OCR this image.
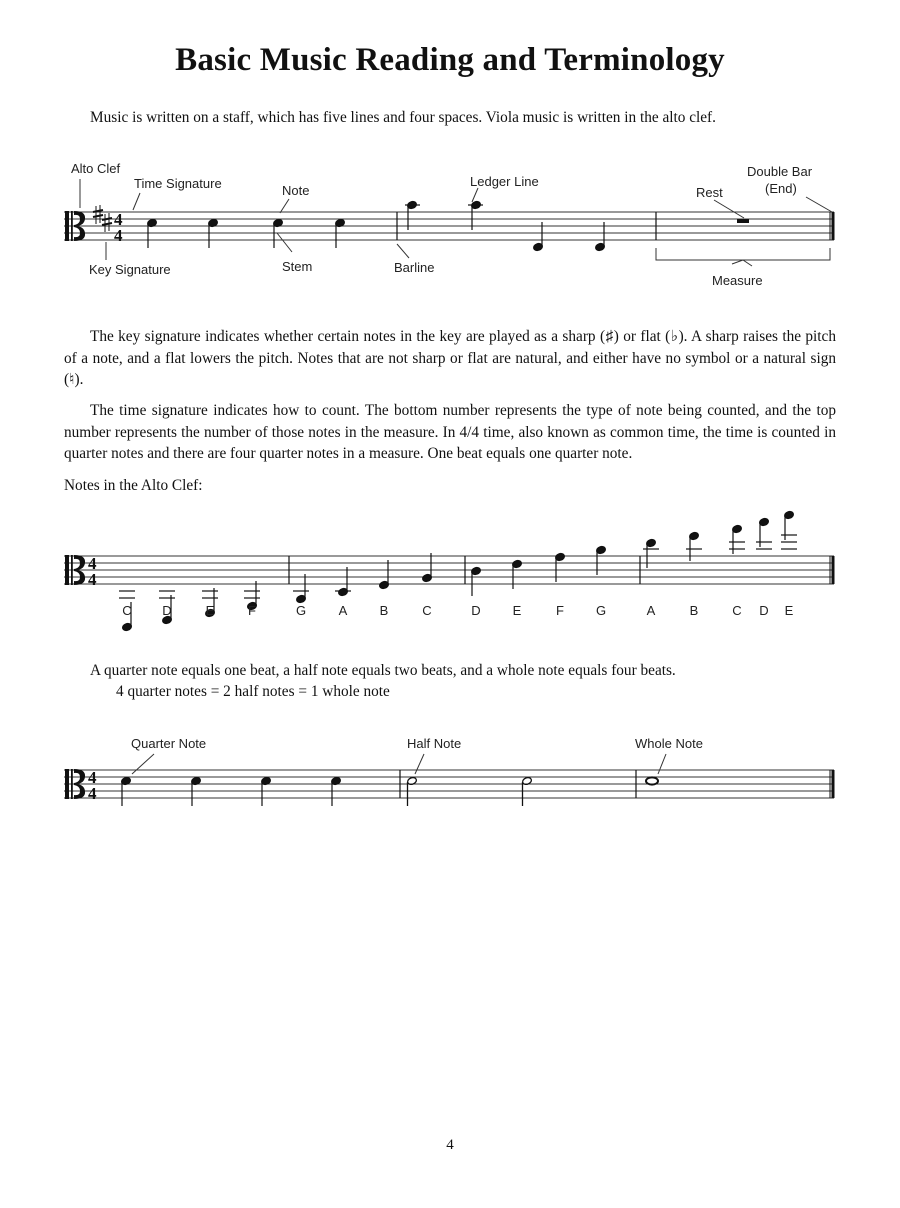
Basic Music Reading and Terminology
Music is written on a staff, which has five lines and four spaces. Viola music is written in the alto clef.
4
4
Alto Clef
Time Signature	Note
Ledger Line
Rest
Double Bar
(End)
Key Signature	Stem	Barline
Measure
The key signature indicates whether certain notes in the key are played as a sharp (♯) or flat (♭). A sharp raises the pitch of a note, and a flat lowers the pitch. Notes that are not sharp or flat are natural, and either have no symbol or a natural sign (♮).
The time signature indicates how to count. The bottom number represents the type of note being counted, and the top number represents the number of those notes in the measure. In 4/4 time, also known as common time, the time is counted in quarter notes and there are four quarter notes in a measure. One beat equals one quarter note.
Notes in the Alto Clef:
4
4
C D	E	F	G	A B	C	D E	F G	A	B	C D E
A quarter note equals one beat, a half note equals two beats, and a whole note equals four beats.
4 quarter notes = 2 half notes = 1 whole note
4
4
Quarter Note	Half Note	Whole Note
4
